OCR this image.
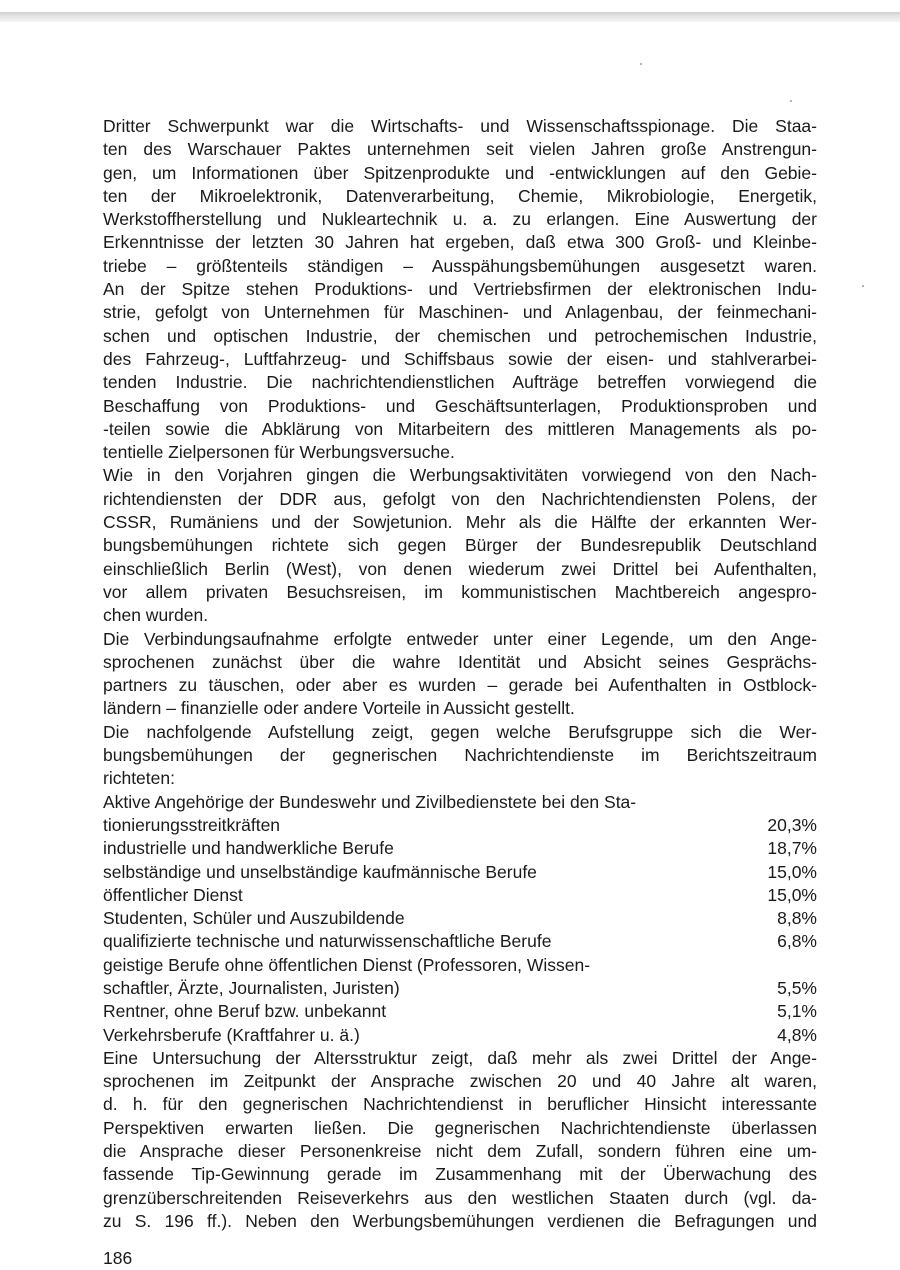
Dritter Schwerpunkt war die Wirtschafts- und Wissenschaftsspionage. Die Staa-
ten des Warschauer Paktes unternehmen seit vielen Jahren große Anstrengun-
gen, um Informationen über Spitzenprodukte und -entwicklungen auf den Gebie-
ten der Mikroelektronik, Datenverarbeitung, Chemie, Mikrobiologie, Energetik,
Werkstoffherstellung und Nukleartechnik u. a. zu erlangen. Eine Auswertung der
Erkenntnisse der letzten 30 Jahren hat ergeben, daß etwa 300 Groß- und Kleinbe-
triebe – größtenteils ständigen – Ausspähungsbemühungen ausgesetzt waren.
An der Spitze stehen Produktions- und Vertriebsfirmen der elektronischen Indu-
strie, gefolgt von Unternehmen für Maschinen- und Anlagenbau, der feinmechani-
schen und optischen Industrie, der chemischen und petrochemischen Industrie,
des Fahrzeug-, Luftfahrzeug- und Schiffsbaus sowie der eisen- und stahlverarbei-
tenden Industrie. Die nachrichtendienstlichen Aufträge betreffen vorwiegend die
Beschaffung von Produktions- und Geschäftsunterlagen, Produktionsproben und
-teilen sowie die Abklärung von Mitarbeitern des mittleren Managements als po-
tentielle Zielpersonen für Werbungsversuche.
Wie in den Vorjahren gingen die Werbungsaktivitäten vorwiegend von den Nach-
richtendiensten der DDR aus, gefolgt von den Nachrichtendiensten Polens, der
CSSR, Rumäniens und der Sowjetunion. Mehr als die Hälfte der erkannten Wer-
bungsbemühungen richtete sich gegen Bürger der Bundesrepublik Deutschland
einschließlich Berlin (West), von denen wiederum zwei Drittel bei Aufenthalten,
vor allem privaten Besuchsreisen, im kommunistischen Machtbereich angespro-
chen wurden.
Die Verbindungsaufnahme erfolgte entweder unter einer Legende, um den Ange-
sprochenen zunächst über die wahre Identität und Absicht seines Gesprächs-
partners zu täuschen, oder aber es wurden – gerade bei Aufenthalten in Ostblock-
ländern – finanzielle oder andere Vorteile in Aussicht gestellt.
Die nachfolgende Aufstellung zeigt, gegen welche Berufsgruppe sich die Wer-
bungsbemühungen der gegnerischen Nachrichtendienste im Berichtszeitraum
richteten:
Aktive Angehörige der Bundeswehr und Zivilbedienstete bei den Sta-
tionierungsstreitkräften	20,3%
industrielle und handwerkliche Berufe	18,7%
selbständige und unselbständige kaufmännische Berufe	15,0%
öffentlicher Dienst	15,0%
Studenten, Schüler und Auszubildende	8,8%
qualifizierte technische und naturwissenschaftliche Berufe	6,8%
geistige Berufe ohne öffentlichen Dienst (Professoren, Wissen-
schaftler, Ärzte, Journalisten, Juristen)	5,5%
Rentner, ohne Beruf bzw. unbekannt	5,1%
Verkehrsberufe (Kraftfahrer u. ä.)	4,8%
Eine Untersuchung der Altersstruktur zeigt, daß mehr als zwei Drittel der Ange-
sprochenen im Zeitpunkt der Ansprache zwischen 20 und 40 Jahre alt waren,
d. h. für den gegnerischen Nachrichtendienst in beruflicher Hinsicht interessante
Perspektiven erwarten ließen. Die gegnerischen Nachrichtendienste überlassen
die Ansprache dieser Personenkreise nicht dem Zufall, sondern führen eine um-
fassende Tip-Gewinnung gerade im Zusammenhang mit der Überwachung des
grenzüberschreitenden Reiseverkehrs aus den westlichen Staaten durch (vgl. da-
zu S. 196 ff.). Neben den Werbungsbemühungen verdienen die Befragungen und
186
